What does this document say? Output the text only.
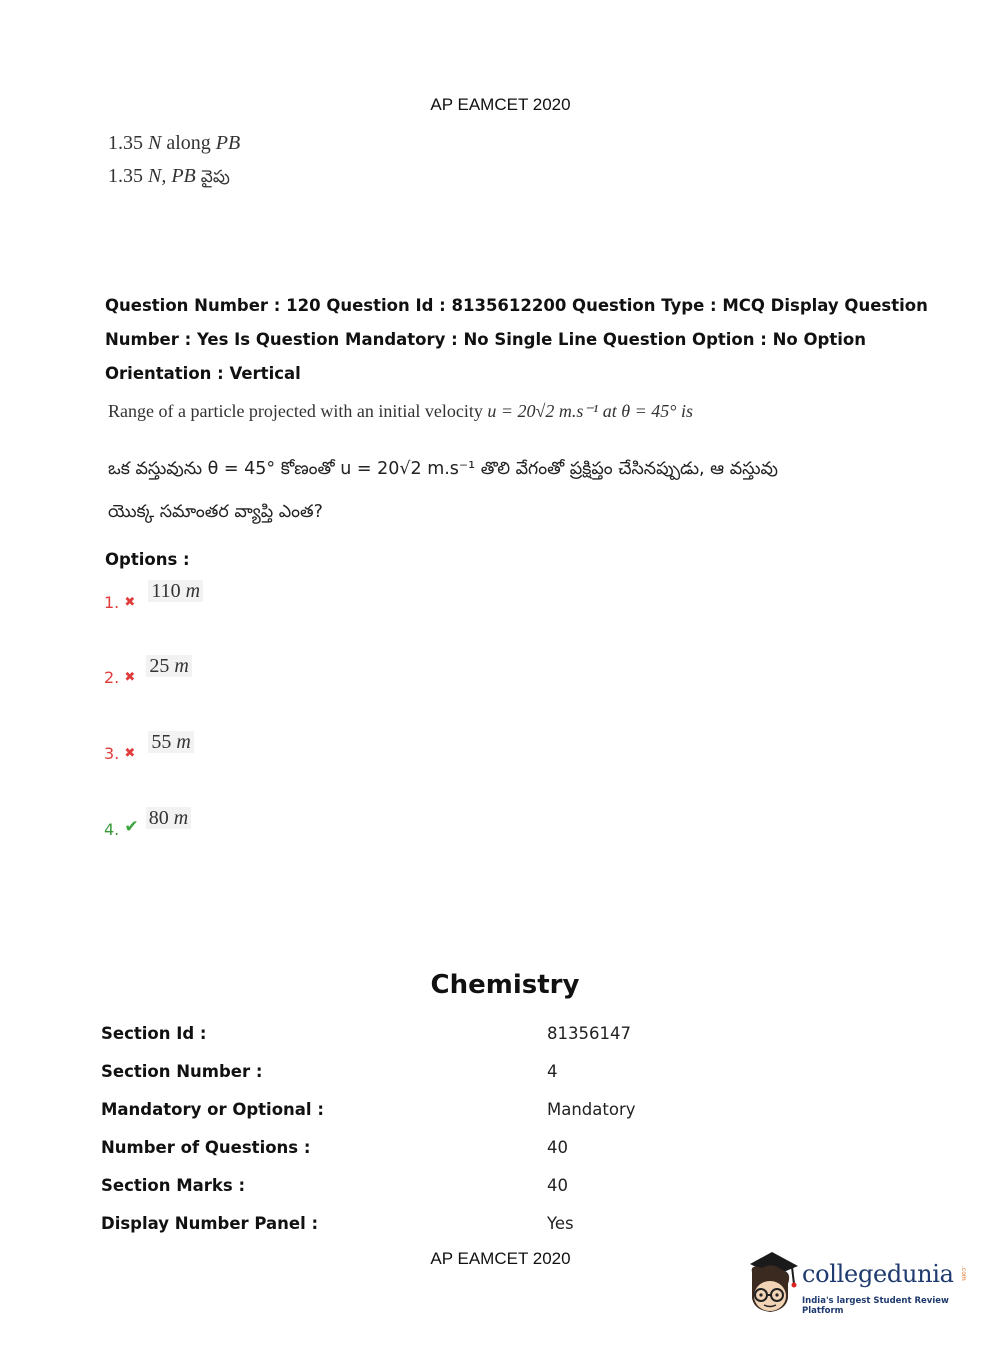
AP EAMCET 2020
1.35 N along PB
1.35 N, PB వైపు
Question Number : 120 Question Id : 8135612200 Question Type : MCQ Display Question
Number : Yes Is Question Mandatory : No Single Line Question Option : No Option
Orientation : Vertical
Range of a particle projected with an initial velocity u = 20√2 m.s⁻¹ at θ = 45° is
ఒక వస్తువును θ = 45° కోణంతో u = 20√2 m.s⁻¹ తొలి వేగంతో ప్రక్షిప్తం చేసినప్పుడు, ఆ వస్తువు
యొక్క సమాంతర వ్యాప్తి ఎంత?
Options :
1. $_✖$ 110 m
2. $_✖$ 25 m
3. $_✖$ 55 m
4. ✔ 80 m
Chemistry
Section Id :	81356147
Section Number :	4
Mandatory or Optional :	Mandatory
Number of Questions :	40
Section Marks :	40
Display Number Panel :	Yes
AP EAMCET 2020
collegedunia .com
India's largest Student Review Platform
